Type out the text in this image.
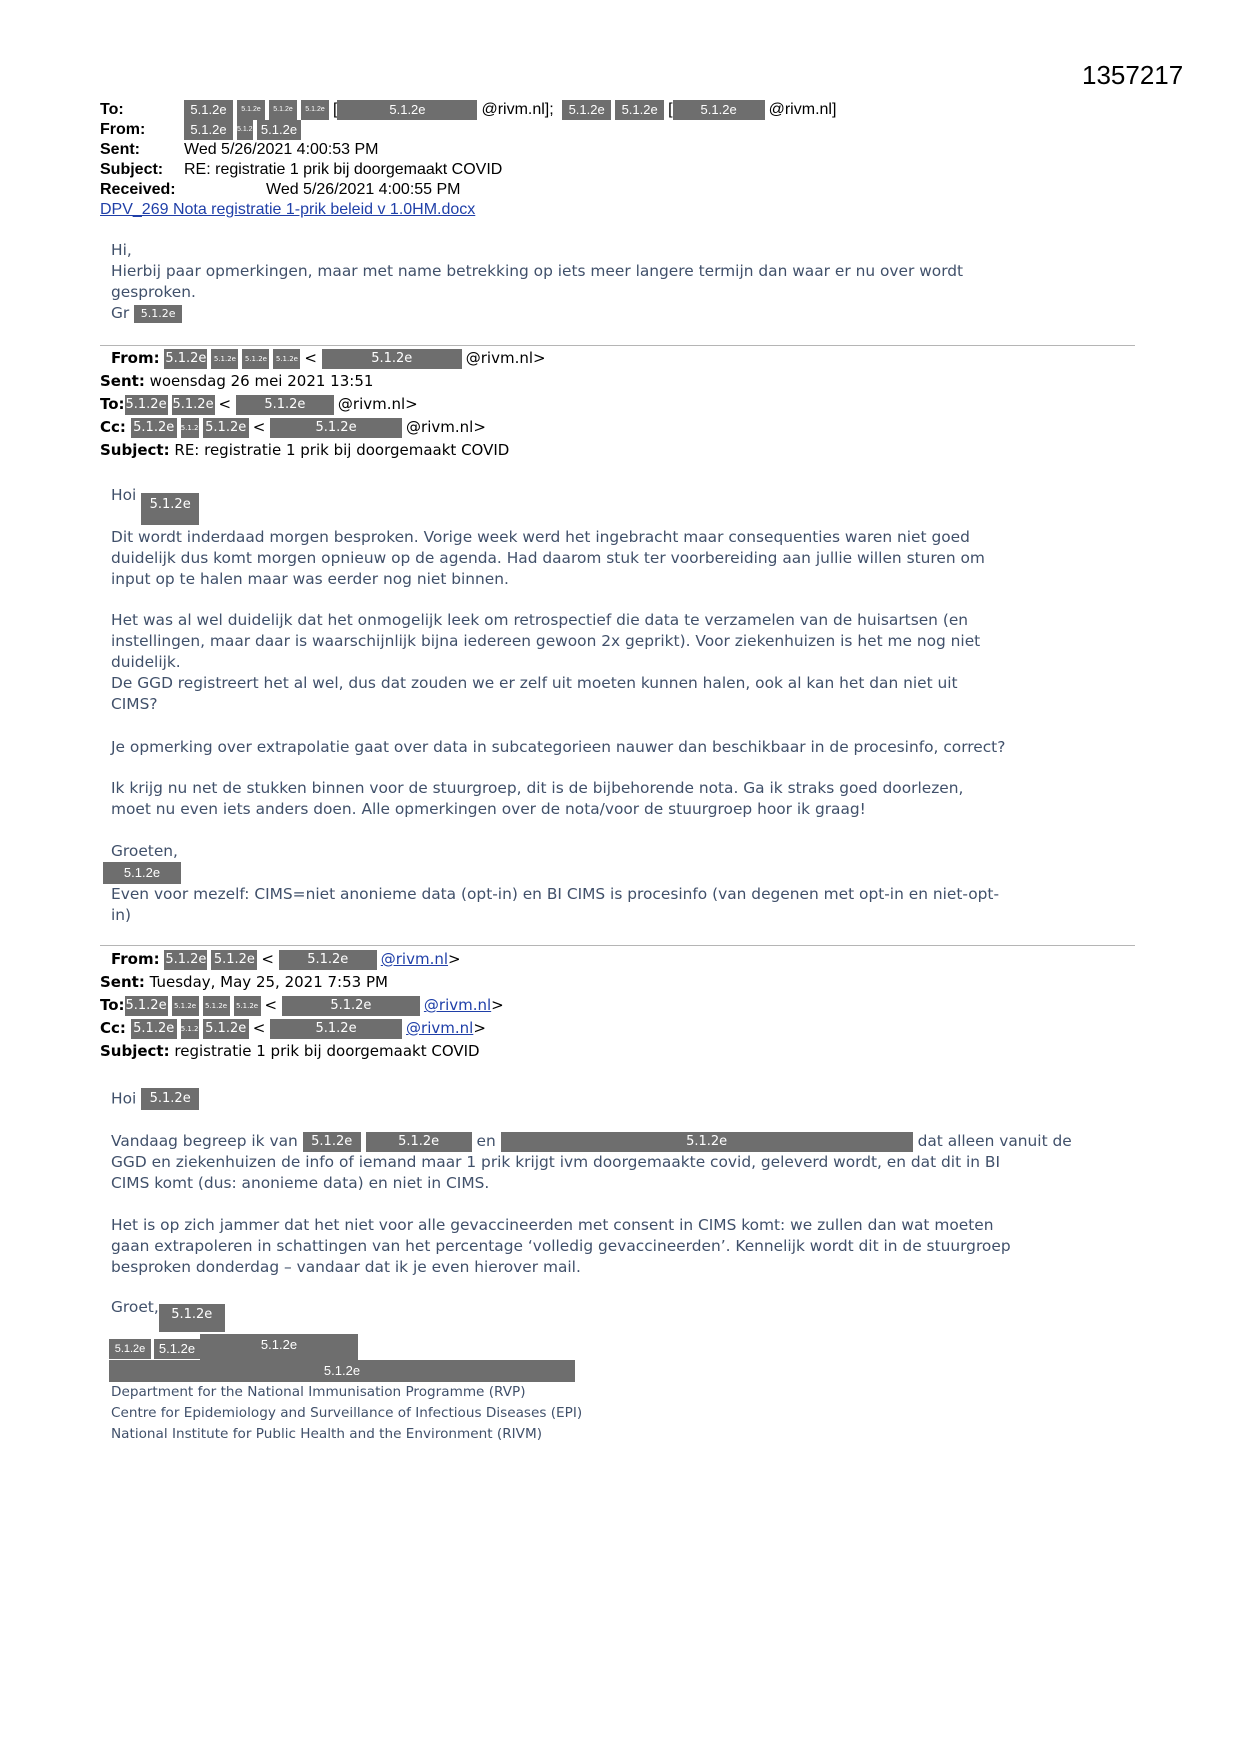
1357217
To:	5.1.2e 5.1.2e 5.1.2e 5.1.2e [	5.1.2e	@rivm.nl]; 5.1.2e 5.1.2e [ 5.1.2e @rivm.nl]
From:	5.1.2e 5.1.2e 5.1.2e
Sent:	Wed 5/26/2021 4:00:53 PM
Subject: RE: registratie 1 prik bij doorgemaakt COVID
Received:	Wed 5/26/2021 4:00:55 PM
DPV_269 Nota registratie 1-prik beleid v 1.0HM.docx

Hi,

Hierbij paar opmerkingen, maar met name betrekking op iets meer langere termijn dan waar er nu over wordt

gesproken.

Gr 5.1.2e

From: 5.1.2e 5.1.2e 5.1.2e 5.1.2e <	5.1.2e	@rivm.nl>
Sent: woensdag 26 mei 2021 13:51
To:5.1.2e 5.1.2e <	5.1.2e @rivm.nl>
Cc: 5.1.2e 5.1.2e 5.1.2e <	5.1.2e	@rivm.nl>
Subject: RE: registratie 1 prik bij doorgemaakt COVID
Hoi 5.1.2e

Dit wordt inderdaad morgen besproken. Vorige week werd het ingebracht maar consequenties waren niet goed

duidelijk dus komt morgen opnieuw op de agenda. Had daarom stuk ter voorbereiding aan jullie willen sturen om

input op te halen maar was eerder nog niet binnen.

Het was al wel duidelijk dat het onmogelijk leek om retrospectief die data te verzamelen van de huisartsen (en

instellingen, maar daar is waarschijnlijk bijna iedereen gewoon 2x geprikt). Voor ziekenhuizen is het me nog niet

duidelijk.

De GGD registreert het al wel, dus dat zouden we er zelf uit moeten kunnen halen, ook al kan het dan niet uit

CIMS?

Je opmerking over extrapolatie gaat over data in subcategorieen nauwer dan beschikbaar in de procesinfo, correct?

Ik krijg nu net de stukken binnen voor de stuurgroep, dit is de bijbehorende nota. Ga ik straks goed doorlezen,

moet nu even iets anders doen. Alle opmerkingen over de nota/voor de stuurgroep hoor ik graag!

Groeten,

5.1.2e

Even voor mezelf: CIMS=niet anonieme data (opt-in) en BI CIMS is procesinfo (van degenen met opt-in en niet-opt-

in)

From: 5.1.2e 5.1.2e <	5.1.2e @rivm.nl>
Sent: Tuesday, May 25, 2021 7:53 PM
To:5.1.2e 5.1.2e 5.1.2e 5.1.2e <	5.1.2e	@rivm.nl>
Cc: 5.1.2e 5.1.2e 5.1.2e <	5.1.2e	@rivm.nl>
Subject: registratie 1 prik bij doorgemaakt COVID
Hoi 5.1.2e

Vandaag begreep ik van 5.1.2e	5.1.2e en	5.1.2e	dat alleen vanuit de

GGD en ziekenhuizen de info of iemand maar 1 prik krijgt ivm doorgemaakte covid, geleverd wordt, en dat dit in BI

CIMS komt (dus: anonieme data) en niet in CIMS.

Het is op zich jammer dat het niet voor alle gevaccineerden met consent in CIMS komt: we zullen dan wat moeten

gaan extrapoleren in schattingen van het percentage ‘volledig gevaccineerden’. Kennelijk wordt dit in de stuurgroep

besproken donderdag – vandaar dat ik je even hierover mail.

Groet, 5.1.2e
5.1.2e	5.1.2e	5.1.2e
5.1.2e
Department for the National Immunisation Programme (RVP)
Centre for Epidemiology and Surveillance of Infectious Diseases (EPI)
National Institute for Public Health and the Environment (RIVM)
